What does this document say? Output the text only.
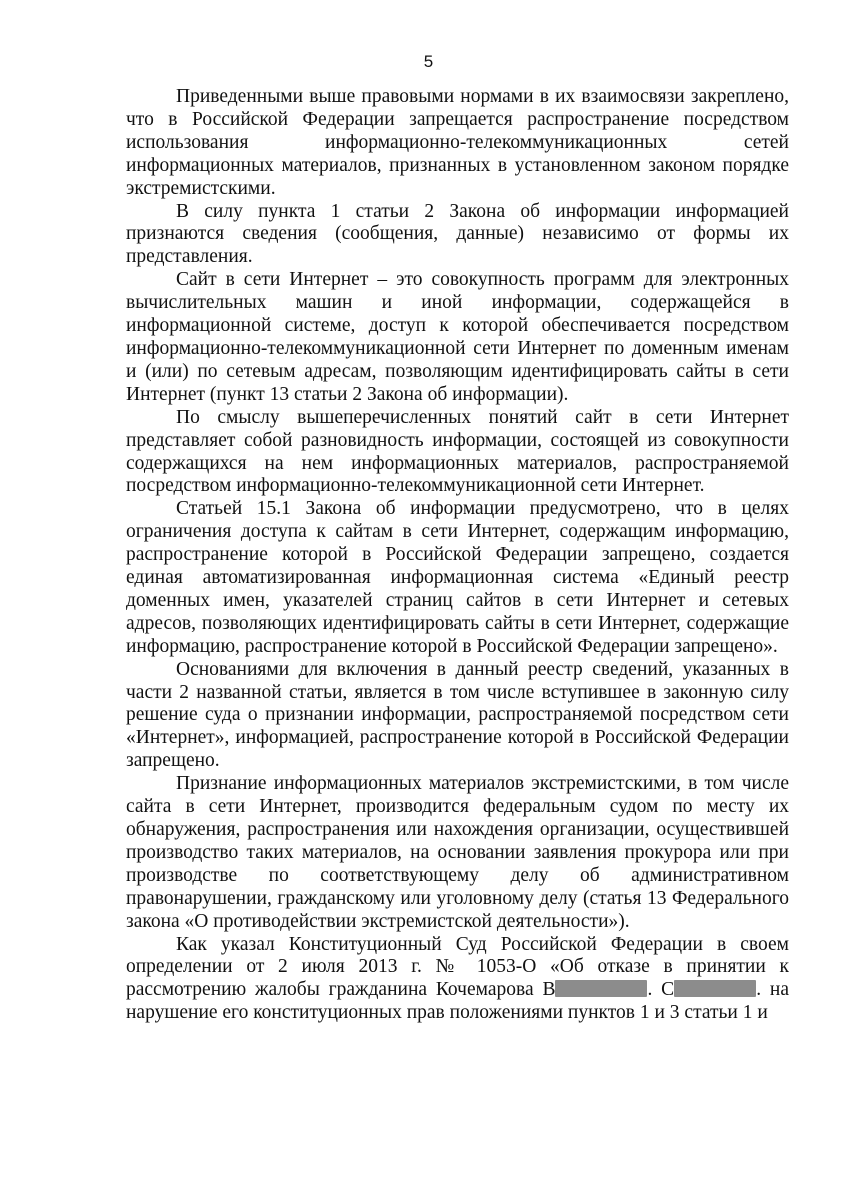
5

Приведенными выше правовыми нормами в их взаимосвязи закреплено, что в Российской Федерации запрещается распространение посредством использования информационно-телекоммуникационных сетей информационных материалов, признанных в установленном законом порядке экстремистскими.

В силу пункта 1 статьи 2 Закона об информации информацией признаются сведения (сообщения, данные) независимо от формы их представления.

Сайт в сети Интернет – это совокупность программ для электронных вычислительных машин и иной информации, содержащейся в информационной системе, доступ к которой обеспечивается посредством информационно-телекоммуникационной сети Интернет по доменным именам и (или) по сетевым адресам, позволяющим идентифицировать сайты в сети Интернет (пункт 13 статьи 2 Закона об информации).

По смыслу вышеперечисленных понятий сайт в сети Интернет представляет собой разновидность информации, состоящей из совокупности содержащихся на нем информационных материалов, распространяемой посредством информационно-телекоммуникационной сети Интернет.

Статьей 15.1 Закона об информации предусмотрено, что в целях ограничения доступа к сайтам в сети Интернет, содержащим информацию, распространение которой в Российской Федерации запрещено, создается единая автоматизированная информационная система «Единый реестр доменных имен, указателей страниц сайтов в сети Интернет и сетевых адресов, позволяющих идентифицировать сайты в сети Интернет, содержащие информацию, распространение которой в Российской Федерации запрещено».

Основаниями для включения в данный реестр сведений, указанных в части 2 названной статьи, является в том числе вступившее в законную силу решение суда о признании информации, распространяемой посредством сети «Интернет», информацией, распространение которой в Российской Федерации запрещено.

Признание информационных материалов экстремистскими, в том числе сайта в сети Интернет, производится федеральным судом по месту их обнаружения, распространения или нахождения организации, осуществившей производство таких материалов, на основании заявления прокурора или при производстве по соответствующему делу об административном правонарушении, гражданскому или уголовному делу (статья 13 Федерального закона «О противодействии экстремистской деятельности»).

Как указал Конституционный Суд Российской Федерации в своем определении от 2 июля 2013 г. № 1053-О «Об отказе в принятии к рассмотрению жалобы гражданина Кочемарова В	. С	. на нарушение его конституционных прав положениями пунктов 1 и 3 статьи 1 и
